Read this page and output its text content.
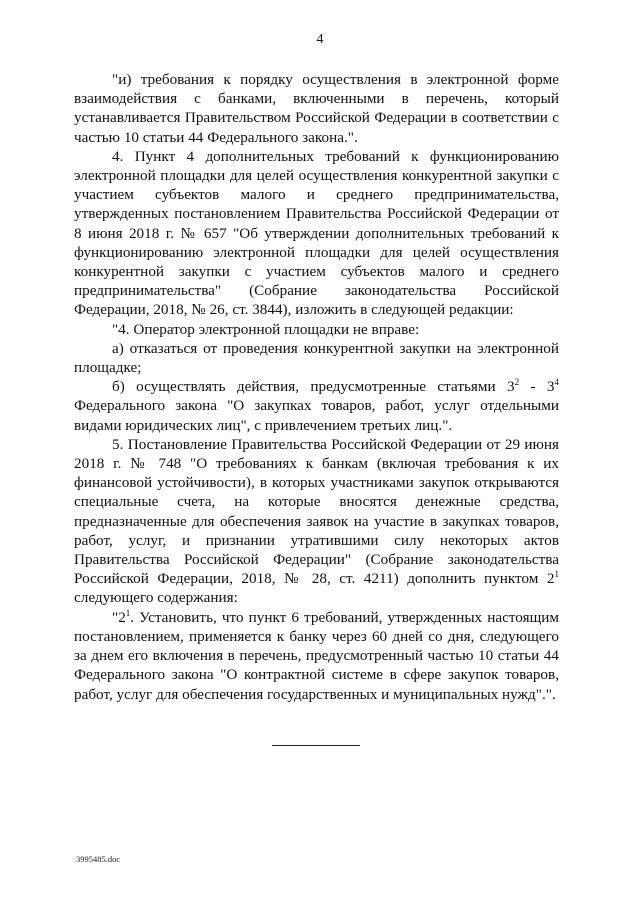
4

"и) требования к порядку осуществления в электронной форме взаимодействия с банками, включенными в перечень, который устанавливается Правительством Российской Федерации в соответствии с частью 10 статьи 44 Федерального закона.".

4. Пункт 4 дополнительных требований к функционированию электронной площадки для целей осуществления конкурентной закупки с участием субъектов малого и среднего предпринимательства, утвержденных постановлением Правительства Российской Федерации от 8 июня 2018 г. № 657 "Об утверждении дополнительных требований к функционированию электронной площадки для целей осуществления конкурентной закупки с участием субъектов малого и среднего предпринимательства" (Собрание законодательства Российской Федерации, 2018, № 26, ст. 3844), изложить в следующей редакции:

"4. Оператор электронной площадки не вправе:

а) отказаться от проведения конкурентной закупки на электронной площадке;

б) осуществлять действия, предусмотренные статьями $3^2 - 3^4$ Федерального закона "О закупках товаров, работ, услуг отдельными видами юридических лиц", с привлечением третьих лиц.".

5. Постановление Правительства Российской Федерации от 29 июня 2018 г. № 748 "О требованиях к банкам (включая требования к их финансовой устойчивости), в которых участниками закупок открываются специальные счета, на которые вносятся денежные средства, предназначенные для обеспечения заявок на участие в закупках товаров, работ, услуг, и признании утратившими силу некоторых актов Правительства Российской Федерации" (Собрание законодательства Российской Федерации, 2018, № 28, ст. 4211) дополнить пунктом $2^1$ следующего содержания:

"$2^1$. Установить, что пункт 6 требований, утвержденных настоящим постановлением, применяется к банку через 60 дней со дня, следующего за днем его включения в перечень, предусмотренный частью 10 статьи 44 Федерального закона "О контрактной системе в сфере закупок товаров, работ, услуг для обеспечения государственных и муниципальных нужд".".

3995485.doc
